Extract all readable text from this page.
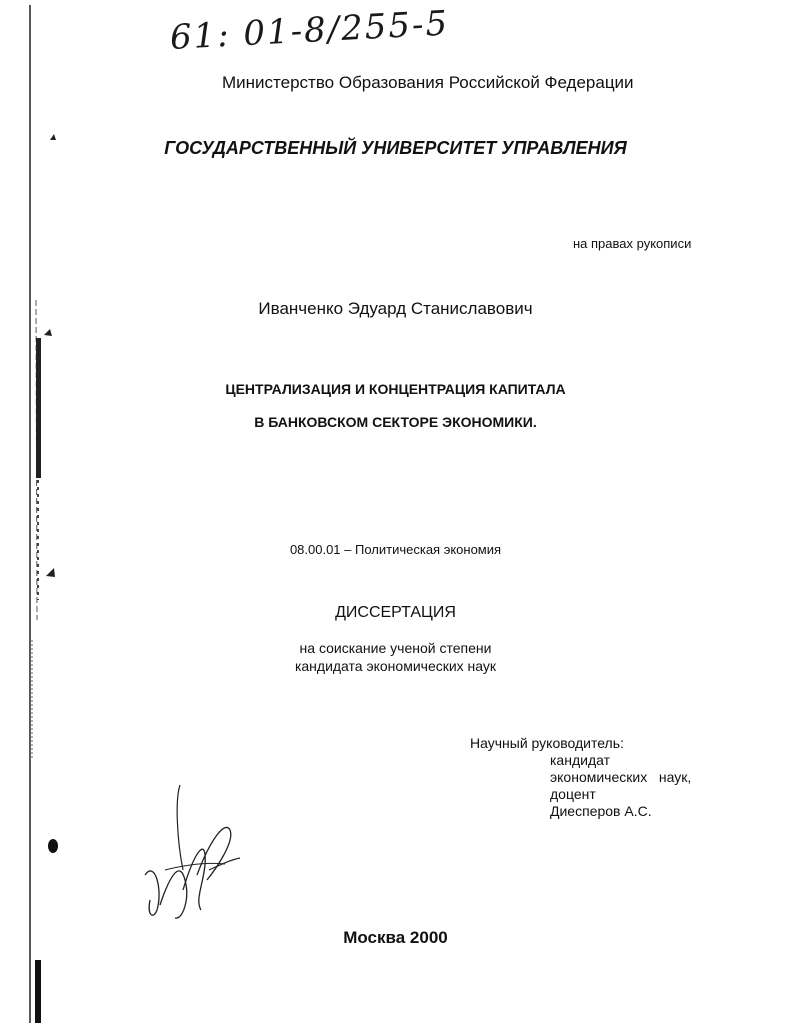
61: 01-8/255-5
Министерство Образования Российской Федерации
ГОСУДАРСТВЕННЫЙ УНИВЕРСИТЕТ УПРАВЛЕНИЯ
на правах рукописи
Иванченко Эдуард Станиславович
ЦЕНТРАЛИЗАЦИЯ И КОНЦЕНТРАЦИЯ КАПИТАЛА
В БАНКОВСКОМ СЕКТОРЕ ЭКОНОМИКИ.
08.00.01 – Политическая экономия
ДИССЕРТАЦИЯ
на соискание ученой степени
кандидата экономических наук
Научный руководитель:
кандидат
экономических   наук,
доцент
Диесперов А.С.
Москва 2000
